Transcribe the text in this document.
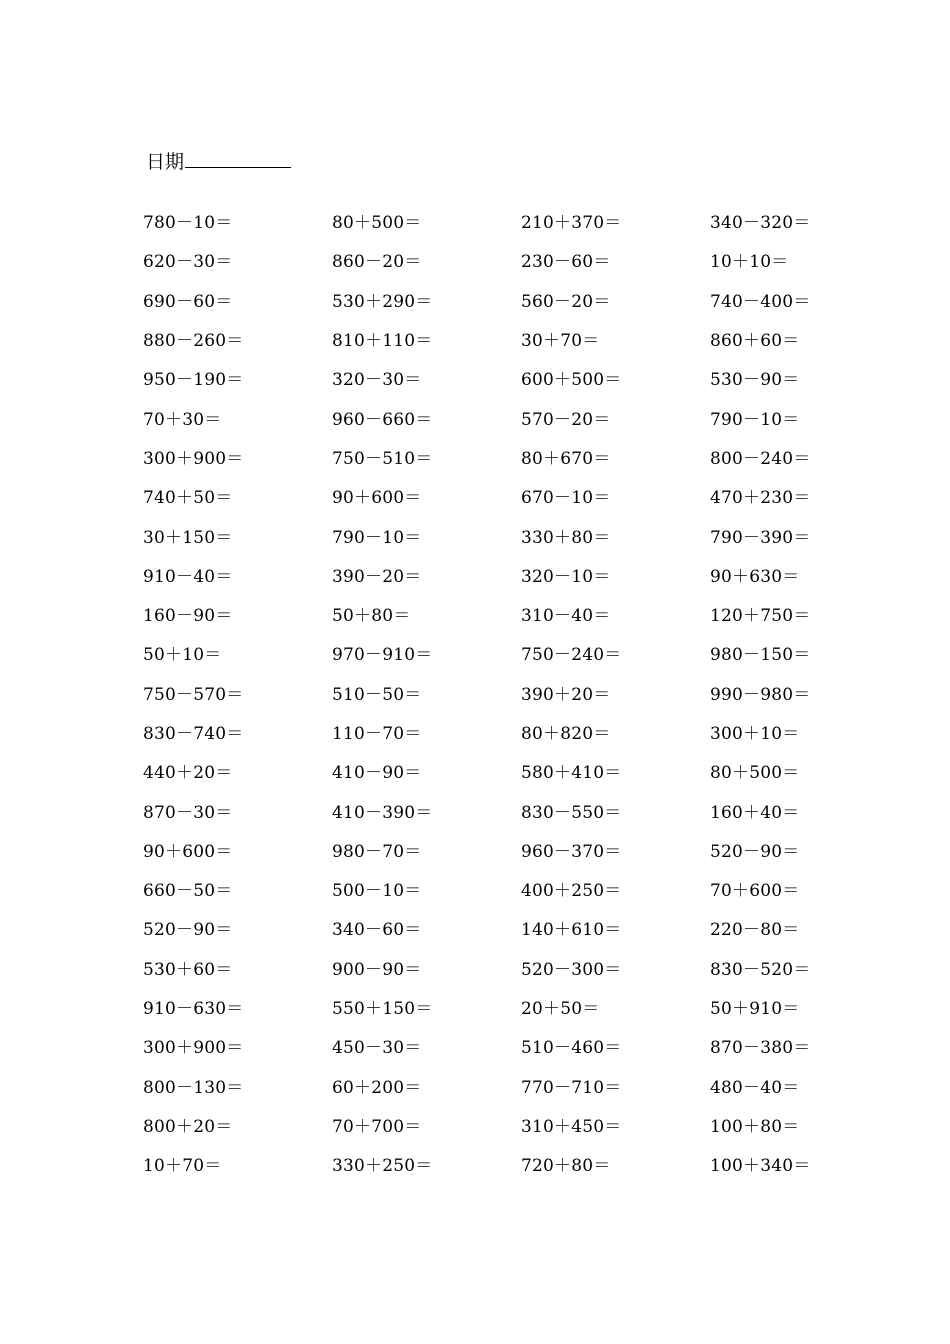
日期
780－10＝	80＋500＝	210＋370＝	340－320＝
620－30＝	860－20＝	230－60＝	10＋10＝
690－60＝	530＋290＝	560－20＝	740－400＝
880－260＝	810＋110＝	30＋70＝	860＋60＝
950－190＝	320－30＝	600＋500＝	530－90＝
70＋30＝	960－660＝	570－20＝	790－10＝
300＋900＝	750－510＝	80＋670＝	800－240＝
740＋50＝	90＋600＝	670－10＝	470＋230＝
30＋150＝	790－10＝	330＋80＝	790－390＝
910－40＝	390－20＝	320－10＝	90＋630＝
160－90＝	50＋80＝	310－40＝	120＋750＝
50＋10＝	970－910＝	750－240＝	980－150＝
750－570＝	510－50＝	390＋20＝	990－980＝
830－740＝	110－70＝	80＋820＝	300＋10＝
440＋20＝	410－90＝	580＋410＝	80＋500＝
870－30＝	410－390＝	830－550＝	160＋40＝
90＋600＝	980－70＝	960－370＝	520－90＝
660－50＝	500－10＝	400＋250＝	70＋600＝
520－90＝	340－60＝	140＋610＝	220－80＝
530＋60＝	900－90＝	520－300＝	830－520＝
910－630＝	550＋150＝	20＋50＝	50＋910＝
300＋900＝	450－30＝	510－460＝	870－380＝
800－130＝	60＋200＝	770－710＝	480－40＝
800＋20＝	70＋700＝	310＋450＝	100＋80＝
10＋70＝	330＋250＝	720＋80＝	100＋340＝
